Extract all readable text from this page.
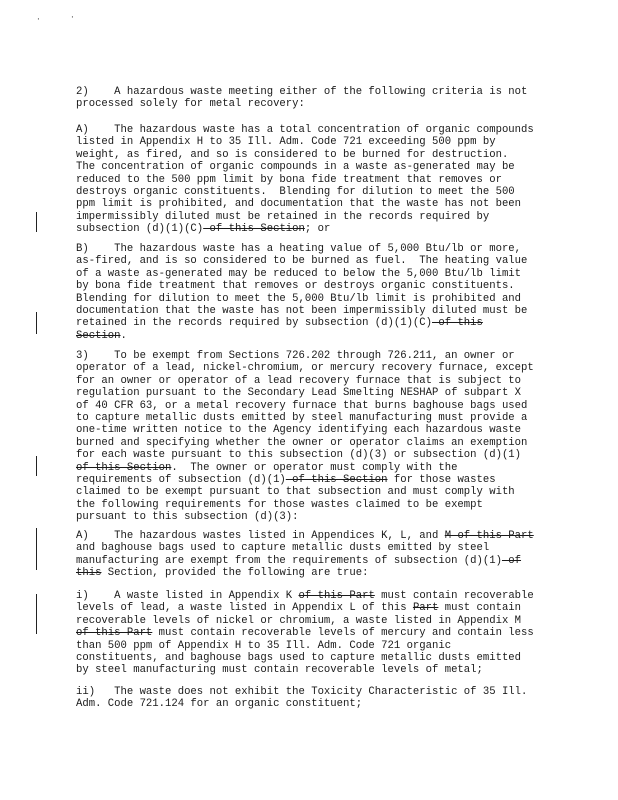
·	·
2)    A hazardous waste meeting either of the following criteria is not
processed solely for metal recovery:
A)    The hazardous waste has a total concentration of organic compounds
listed in Appendix H to 35 Ill. Adm. Code 721 exceeding 500 ppm by
weight, as fired, and so is considered to be burned for destruction.
The concentration of organic compounds in a waste as-generated may be
reduced to the 500 ppm limit by bona fide treatment that removes or
destroys organic constituents.  Blending for dilution to meet the 500
ppm limit is prohibited, and documentation that the waste has not been
impermissibly diluted must be retained in the records required by
subsection (d)(1)(C) of this Section; or
B)    The hazardous waste has a heating value of 5,000 Btu/lb or more,
as-fired, and is so considered to be burned as fuel.  The heating value
of a waste as-generated may be reduced to below the 5,000 Btu/lb limit
by bona fide treatment that removes or destroys organic constituents.
Blending for dilution to meet the 5,000 Btu/lb limit is prohibited and
documentation that the waste has not been impermissibly diluted must be
retained in the records required by subsection (d)(1)(C) of this
Section.
3)    To be exempt from Sections 726.202 through 726.211, an owner or
operator of a lead, nickel-chromium, or mercury recovery furnace, except
for an owner or operator of a lead recovery furnace that is subject to
regulation pursuant to the Secondary Lead Smelting NESHAP of subpart X
of 40 CFR 63, or a metal recovery furnace that burns baghouse bags used
to capture metallic dusts emitted by steel manufacturing must provide a
one-time written notice to the Agency identifying each hazardous waste
burned and specifying whether the owner or operator claims an exemption
for each waste pursuant to this subsection (d)(3) or subsection (d)(1)
of this Section.  The owner or operator must comply with the
requirements of subsection (d)(1) of this Section for those wastes
claimed to be exempt pursuant to that subsection and must comply with
the following requirements for those wastes claimed to be exempt
pursuant to this subsection (d)(3):
A)    The hazardous wastes listed in Appendices K, L, and M of this Part
and baghouse bags used to capture metallic dusts emitted by steel
manufacturing are exempt from the requirements of subsection (d)(1) of
this Section, provided the following are true:
i)    A waste listed in Appendix K of this Part must contain recoverable
levels of lead, a waste listed in Appendix L of this Part must contain
recoverable levels of nickel or chromium, a waste listed in Appendix M
of this Part must contain recoverable levels of mercury and contain less
than 500 ppm of Appendix H to 35 Ill. Adm. Code 721 organic
constituents, and baghouse bags used to capture metallic dusts emitted
by steel manufacturing must contain recoverable levels of metal;
ii)   The waste does not exhibit the Toxicity Characteristic of 35 Ill.
Adm. Code 721.124 for an organic constituent;
